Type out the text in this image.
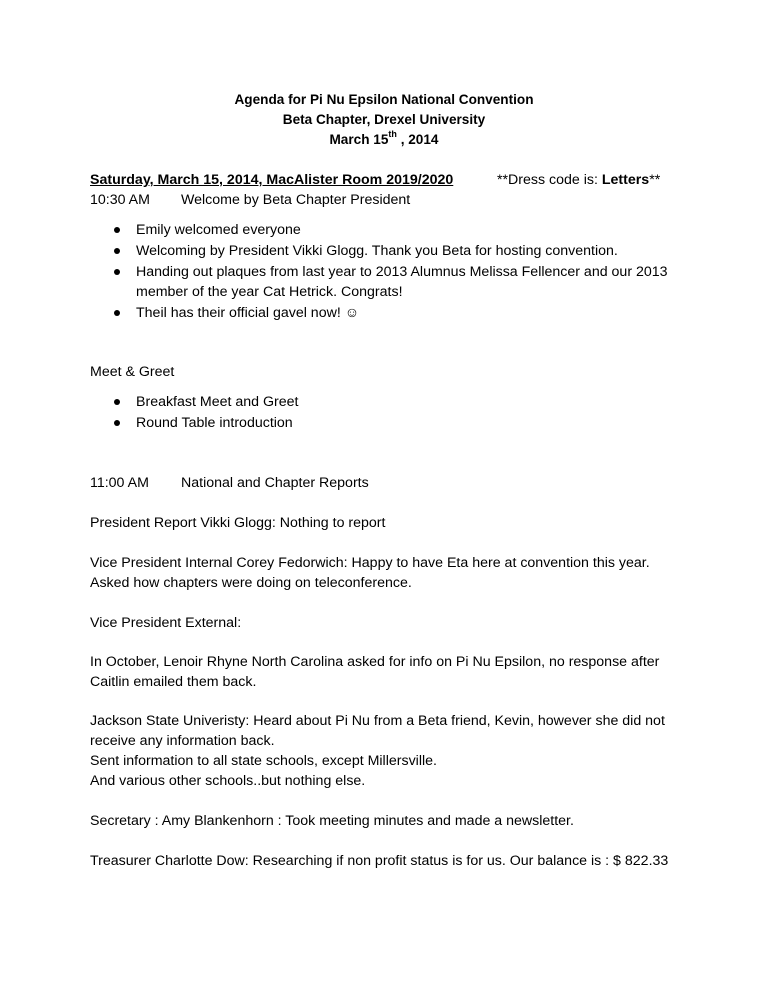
Agenda for Pi Nu Epsilon National Convention
Beta Chapter, Drexel University
March 15th , 2014
Saturday, March 15, 2014, MacAlister Room 2019/2020	**Dress code is: Letters**
10:30 AM Welcome by Beta Chapter President
Emily welcomed everyone
Welcoming by President Vikki Glogg. Thank you Beta for hosting convention.
Handing out plaques from last year to 2013 Alumnus Melissa Fellencer and our 2013 member of the year Cat Hetrick. Congrats!
Theil has their official gavel now! ☺
Meet & Greet
Breakfast Meet and Greet
Round Table introduction
11:00 AM National and Chapter Reports
President Report Vikki Glogg: Nothing to report
Vice President Internal Corey Fedorwich: Happy to have Eta here at convention this year. Asked how chapters were doing on teleconference.
Vice President External:
In October, Lenoir Rhyne North Carolina asked for info on Pi Nu Epsilon, no response after Caitlin emailed them back.
Jackson State Univeristy: Heard about Pi Nu from a Beta friend, Kevin, however she did not receive any information back.
Sent information to all state schools, except Millersville.
And various other schools..but nothing else.
Secretary : Amy Blankenhorn : Took meeting minutes and made a newsletter.
Treasurer Charlotte Dow: Researching if non profit status is for us. Our balance is : $ 822.33
